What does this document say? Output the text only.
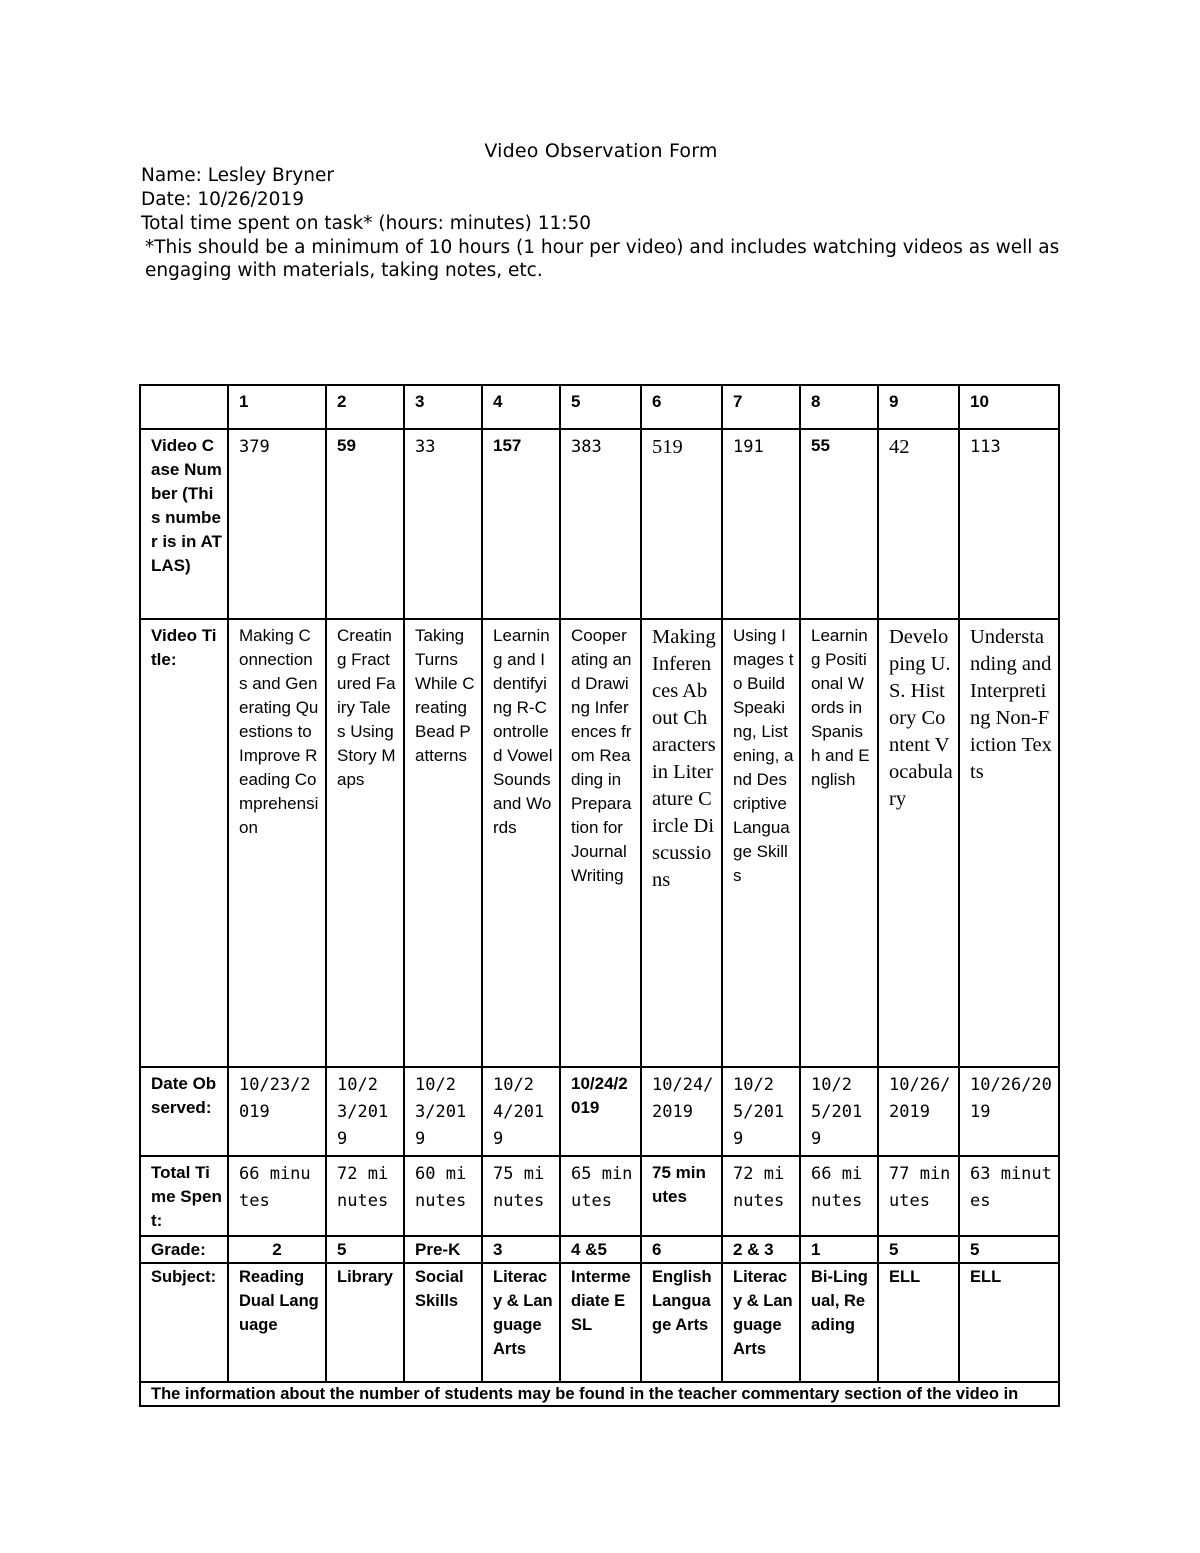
Video Observation Form
Name: Lesley Bryner
Date: 10/26/2019
Total time spent on task* (hours: minutes) 11:50
*This should be a minimum of 10 hours (1 hour per video) and includes watching videos as well as engaging with materials, taking notes, etc.
	1	2	3	4	5	6	7	8	9	10
Video Case Number (This number is in ATLAS)	379	59	33	157	383	519	191	55	42	113
Video Title:	Making Connections and Generating Questions to Improve Reading Comprehension	Creating Fractured Fairy Tales Using Story Maps	Taking Turns While Creating Bead Patterns	Learning and Identifying R-Controlled Vowel Sounds and Words	Cooperating and Drawing Inferences from Reading in Preparation for Journal Writing	Making Inferences About Characters in Literature Circle Discussions	Using Images to Build Speaking, Listening, and Descriptive Language Skills	Learning Positional Words in Spanish and English	Developing U.S. History Content Vocabulary	Understanding and Interpreting Non-Fiction Texts
Date Observed:	10/23/2019	10/23/2019	10/23/2019	10/24/2019	10/24/2019	10/24/2019	10/25/2019	10/25/2019	10/26/2019	10/26/2019
Total Time Spent:	66 minutes	72 minutes	60 minutes	75 minutes	65 minutes	75 minutes	72 minutes	66 minutes	77 minutes	63 minutes
Grade:	2	5	Pre-K	3	4 &5	6	2 & 3	1	5	5
Subject:	Reading Dual Language	Library	Social Skills	Literacy & Language Arts	Intermediate ESL	English Language Arts	Literacy & Language Arts	Bi-Lingual, Reading	ELL	ELL
The information about the number of students may be found in the teacher commentary section of the video in										
